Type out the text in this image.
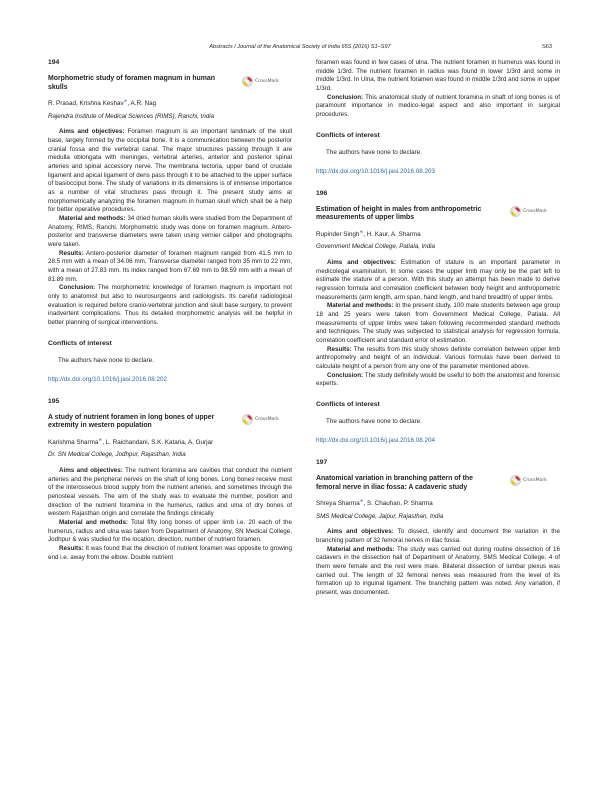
Abstracts / Journal of the Anatomical Society of India 65S (2016) S1–S97	S63
194

Morphometric study of foramen magnum in human skulls

CrossMark

R. Prasad, Krishna Keshav∗, A.R. Nag

Rajendra Institute of Medical Sciences (RIMS), Ranchi, India

Aims and objectives: Foramen magnum is an important landmark of the skull base, largely formed by the occipital bone. It is a communication between the posterior cranial fossa and the vertebral canal. The major structures passing through it are medulla oblongata with meninges, vertebral arteries, anterior and posterior spinal arteries and spinal accessory nerve. The membrana tectoria, upper band of cruciate ligament and apical ligament of dens pass through it to be attached to the upper surface of basiocciput bone. The study of variations in its dimensions is of immense importance as a number of vital structures pass through it. The present study aims at morphometrically analyzing the foramen magnum in human skull which shall be a help for better operative procedures.

Material and methods: 34 dried human skulls were studied from the Department of Anatomy, RIMS, Ranchi. Morphometric study was done on foramen magnum. Antero-posterior and transverse diameters were taken using vernier caliper and photographs were taken.

Results: Antero-posterior diameter of foramen magnum ranged from 41.5 mm to 28.5 mm with a mean of 34.06 mm. Transverse diameter ranged from 35 mm to 22 mm, with a mean of 27.83 mm. Its index ranged from 67.69 mm to 98.59 mm with a mean of 81.89 mm.

Conclusion: The morphometric knowledge of foramen magnum is important not only to anatomist but also to neurosurgeons and radiologists. Its careful radiological evaluation is required before cranio-vertebral junction and skull base surgery, to prevent inadvertent complications. Thus its detailed morphometric analysis will be helpful in better planning of surgical interventions.

Conflicts of interest
The authors have none to declare.
http://dx.doi.org/10.1016/j.jasi.2016.08.202
195

A study of nutrient foramen in long bones of upper extremity in western population

CrossMark

Karishma Sharma∗, L. Raichandani, S.K. Kataria, A. Gurjar

Dr. SN Medical College, Jodhpur, Rajasthan, India

Aims and objectives: The nutrient foramina are cavities that conduct the nutrient arteries and the peripheral nerves on the shaft of long bones. Long bones receive most of the interosseous blood supply from the nutrient arteries, and sometimes through the periosteal vessels. The aim of the study was to evaluate the number, position and direction of the nutrient foramina in the humerus, radius and ulna of dry bones of western Rajasthan origin and correlate the findings clinically

Material and methods: Total fifty long bones of upper limb i.e. 20 each of the humerus, radius and ulna was taken from Department of Anatomy, SN Medical College, Jodhpur & was studied for the location, direction, number of nutrient foramen.

Results: It was found that the direction of nutrient foramen was opposite to growing end i.e. away from the elbow. Double nutrient

foramen was found in few cases of ulna. The nutrient foramen in humerus was found in middle 1/3rd. The nutrient foramen in radius was found in lower 1/3rd and some in middle 1/3rd. In Ulna, the nutrient foramen was found in middle 1/3rd and some in upper 1/3rd.

Conclusion: This anatomical study of nutrient foramina in shaft of long bones is of paramount importance in medico-legal aspect and also important in surgical procedures.

Conflicts of interest
The authors have none to declare.
http://dx.doi.org/10.1016/j.jasi.2016.08.203
196

Estimation of height in males from anthropometric measurements of upper limbs

CrossMark

Rupinder Singh∗, H. Kaur, A. Sharma

Government Medical College, Patiala, India

Aims and objectives: Estimation of stature is an important parameter in medicolegal examination. In some cases the upper limb may only be the part left to estimate the stature of a person. With this study an attempt has been made to derive regression formula and correlation coefficient between body height and anthropometric measurements (arm length, arm span, hand length, and hand breadth) of upper limbs.

Material and methods: In the present study, 100 male students between age group 18 and 25 years were taken from Government Medical College, Patiala. All measurements of upper limbs were taken following recommended standard methods and techniques. The study was subjected to statistical analysis for regression formula, correlation coefficient and standard error of estimation.

Results: The results from this study shows definite correlation between upper limb anthropometry and height of an individual. Various formulas have been derived to calculate height of a person from any one of the parameter mentioned above.

Conclusion: The study definitely would be useful to both the anatomist and forensic experts.

Conflicts of interest
The authors have none to declare.
http://dx.doi.org/10.1016/j.jasi.2016.08.204
197

Anatomical variation in branching pattern of the femoral nerve in iliac fossa: A cadaveric study

CrossMark

Shreya Sharma∗, S. Chauhan, P. Sharma

SMS Medical College, Jaipur, Rajasthan, India

Aims and objectives: To dissect, identify and document the variation in the branching pattern of 32 femoral nerves in iliac fossa.

Material and methods: The study was carried out during routine dissection of 16 cadavers in the dissection hall of Department of Anatomy, SMS Medical College. 4 of them were female and the rest were male. Bilateral dissection of lumbar plexus was carried out. The length of 32 femoral nerves was measured from the level of its formation up to inguinal ligament. The branching pattern was noted. Any variation, if present, was documented.
